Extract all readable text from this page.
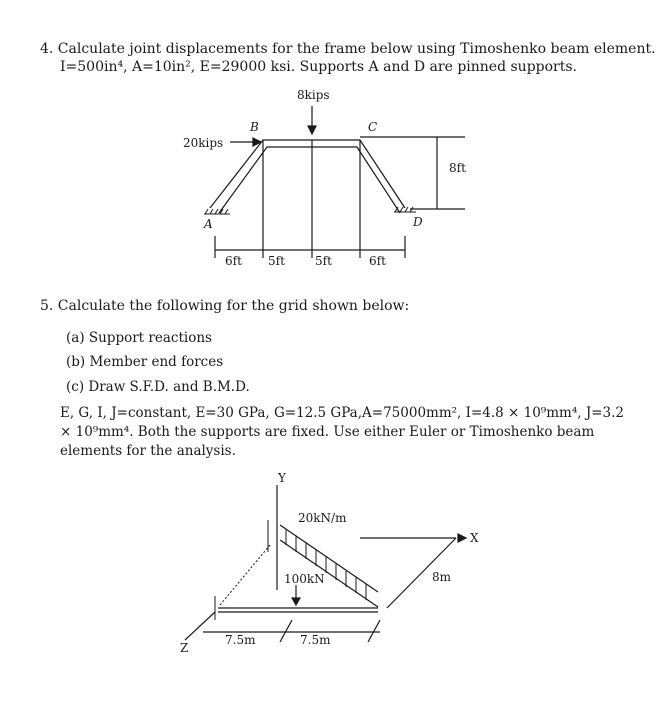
4. Calculate joint displacements for the frame below using Timoshenko beam element.
I=500in⁴, A=10in², E=29000 ksi. Supports A and D are pinned supports.
8kips
20kips
A
B	C
D
8ft
6ft 5ft	5ft	6ft
Y
X
Z
20kN/m
100kN	8m
7.5m	7.5m
5. Calculate the following for the grid shown below:
(a) Support reactions
(b) Member end forces
(c) Draw S.F.D. and B.M.D.
E, G, I, J=constant, E=30 GPa, G=12.5 GPa,A=75000mm², I=4.8 × 10⁹mm⁴, J=3.2 × 10⁹mm⁴. Both the supports are fixed. Use either Euler or Timoshenko beam elements for the analysis.
